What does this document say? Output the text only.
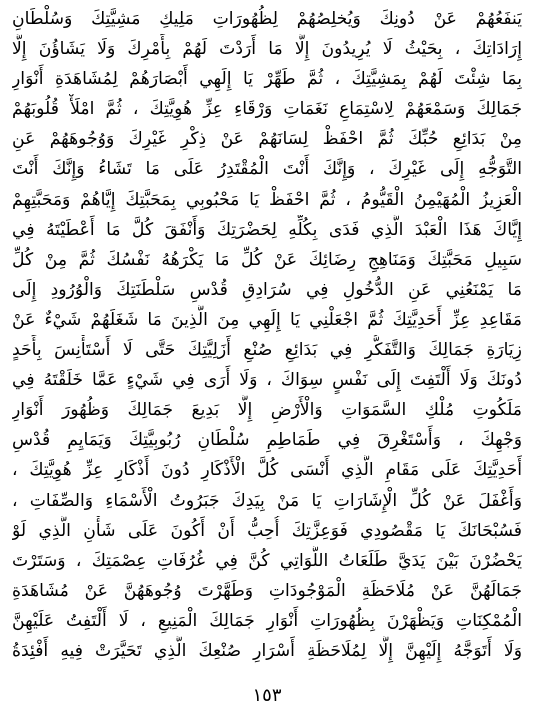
يَنفَعُهُمْ عَنْ دُونِكَ وَيُخلِصُهُمْ لِظُهُورَاتِ مَلِيكِ مَشِيَّتِكَ وَسُلْطَانِ
إِرَادَاتِكَ ، بِحَيْثُ لَا يُرِيدُونَ إِلَّا مَا أَرَدْتَ لَهُمْ بِأَمْرِكَ وَلَا يَشَاؤُنَ إِلَّا
بِمَا شِئْتَ لَهُمْ بِمَشِيَّتِكَ ، ثُمَّ طَهِّرْ يَا إِلَهِي أَبْصَارَهُمْ لِمُشَاهَدَةِ أَنْوَارِ
جَمَالِكَ وَسَمْعَهُمْ لِاسْتِمَاعِ نَغَمَاتِ وَرْقَاءِ عِزِّ هُوِيَّتِكَ ، ثُمَّ امْلَأْ قُلُوبَهُمْ
مِنْ بَدَائِعِ حُبِّكَ ثُمَّ احْفَظْ لِسَانَهُمْ عَنْ ذِكْرِ غَيْرِكَ وَوُجُوهَهُمْ عَنِ
التَّوَجُّهِ إِلَى غَيْرِكَ ، وَإِنَّكَ أَنْتَ الْمُقْتَدِرُ عَلَى مَا تَشَاءُ وَإِنَّكَ أَنْتَ
الْعَزِيزُ الْمُهَيْمِنُ الْقَيُّومُ ، ثُمَّ احْفَظْ يَا مَحْبُوبِي بِمَحَبَّتِكَ إِيَّاهُمْ وَمَحَبَّتِهِمْ
إِيَّاكَ هَذَا الْعَبْدَ الَّذِي فَدَى بِكُلِّهِ لِحَضْرَتِكَ وَأَنْفَقَ كُلَّ مَا أَعْطَيْتَهُ فِي
سَبِيلِ مَحَبَّتِكَ وَمَنَاهِجِ رِضَائِكَ عَنْ كُلِّ مَا يَكْرَهُهُ نَفْسُكَ ثُمَّ مِنْ كُلِّ
مَا يَمْنَعُنِي عَنِ الدُّخُولِ فِي سُرَادِقِ قُدْسِ سَلْطَنَتِكَ وَالْوُرُودِ إِلَى
مَقَاعِدِ عِزِّ أَحَدِيَّتِكَ ثُمَّ اجْعَلْنِي يَا إِلَهِي مِنَ الَّذِينَ مَا شَغَلَهُمْ شَيْءٌ عَنْ
زِيَارَةِ جَمَالِكَ وَالتَّفَكُّرِ فِي بَدَائِعِ صُنْعِ أَزَلِيَّتِكَ حَتَّى لَا أَسْتَأْنِسَ بِأَحَدٍ
دُونَكَ وَلَا أَلْتَفِتَ إِلَى نَفْسٍ سِوَاكَ ، وَلَا أَرَى فِي شَيْءٍ عَمَّا خَلَقْتَهُ فِي
مَلَكُوتِ مُلْكِ السَّمَوَاتِ وَالْأَرْضِ إِلَّا بَدِيعَ جَمَالِكَ وَظُهُورَ أَنْوَارِ
وَجْهِكَ ، وَأَسْتَغْرِقَ فِي طَمَاطِمِ سُلْطَانِ رُبُوبِيَّتِكَ وَيَمَايِمِ قُدْسِ
أَحَدِيَّتِكَ عَلَى مَقَامِ الَّذِي أَنْسَى كُلَّ الْأَذْكَارِ دُونَ أَذْكَارِ عِزِّ هُوِيَّتِكَ ،
وَأَغْفَلَ عَنْ كُلِّ الْإِشَارَاتِ يَا مَنْ بِيَدِكَ جَبَرُوتُ الْأَسْمَاءِ وَالصِّفَاتِ ،
فَسُبْحَانَكَ يَا مَقْصُودِي فَوَعِزَّتِكَ أُحِبُّ أَنْ أَكُونَ عَلَى شَأْنِ الَّذِي لَوْ
يَحْضُرْنَ بَيْنَ يَدَيَّ طَلَعَاتُ اللَّوَاتِي كُنَّ فِي غُرُفَاتِ عِصْمَتِكَ ، وَسَتَرْتَ
جَمَالَهُنَّ عَنْ مُلَاحَظَةِ الْمَوْجُودَاتِ وَطَهَّرْتَ وُجُوهَهُنَّ عَنْ مُشَاهَدَةِ
الْمُمْكِنَاتِ وَيَظْهَرْنَ بِظُهُورَاتِ أَنْوَارِ جَمَالِكَ الْمَنِيعِ ، لَا أَلْتَفِتُ عَلَيْهِنَّ
وَلَا أَتَوَجَّهُ إِلَيْهِنَّ إِلَّا لِمُلَاحَظَةِ أَسْرَارِ صُنْعِكَ الَّذِي تَحَيَّرَتْ فِيهِ أَفْئِدَةُ
١٥٣
